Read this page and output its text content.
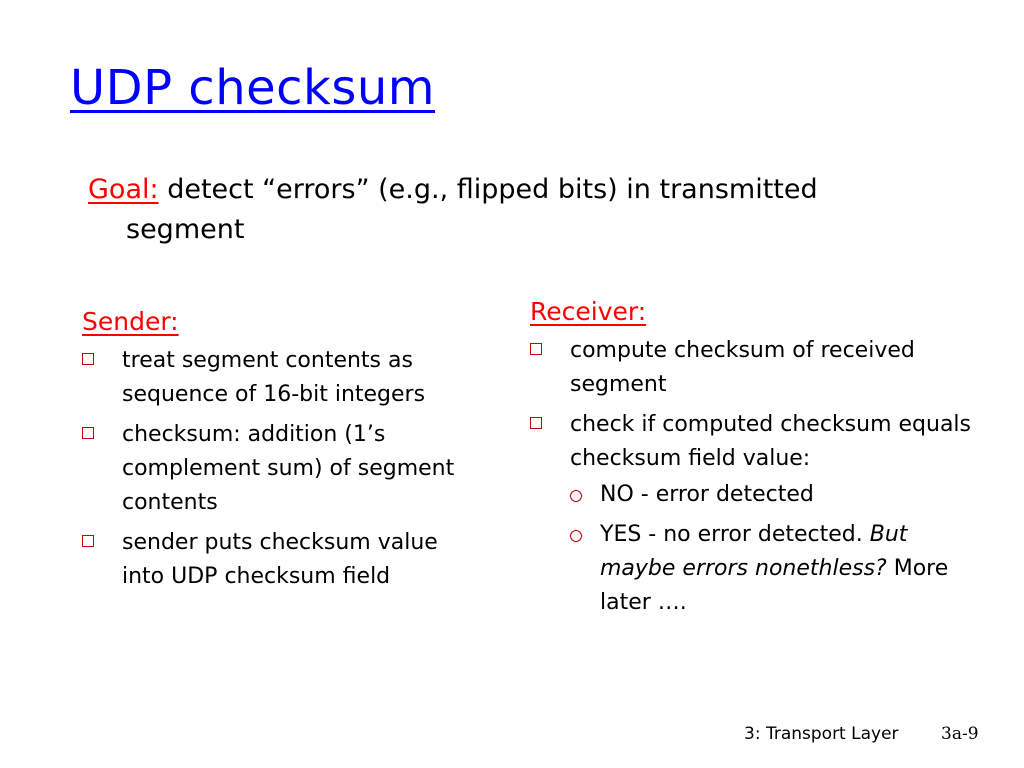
UDP checksum
Goal: detect “errors” (e.g., flipped bits) in transmitted
segment
Sender:
treat segment contents as sequence of 16-bit integers
checksum: addition (1’s complement sum) of segment contents
sender puts checksum value into UDP checksum field
Receiver:
compute checksum of received segment
check if computed checksum equals checksum field value:
NO - error detected
YES - no error detected. But maybe errors nonethless? More later ….
3: Transport Layer 3a-9
